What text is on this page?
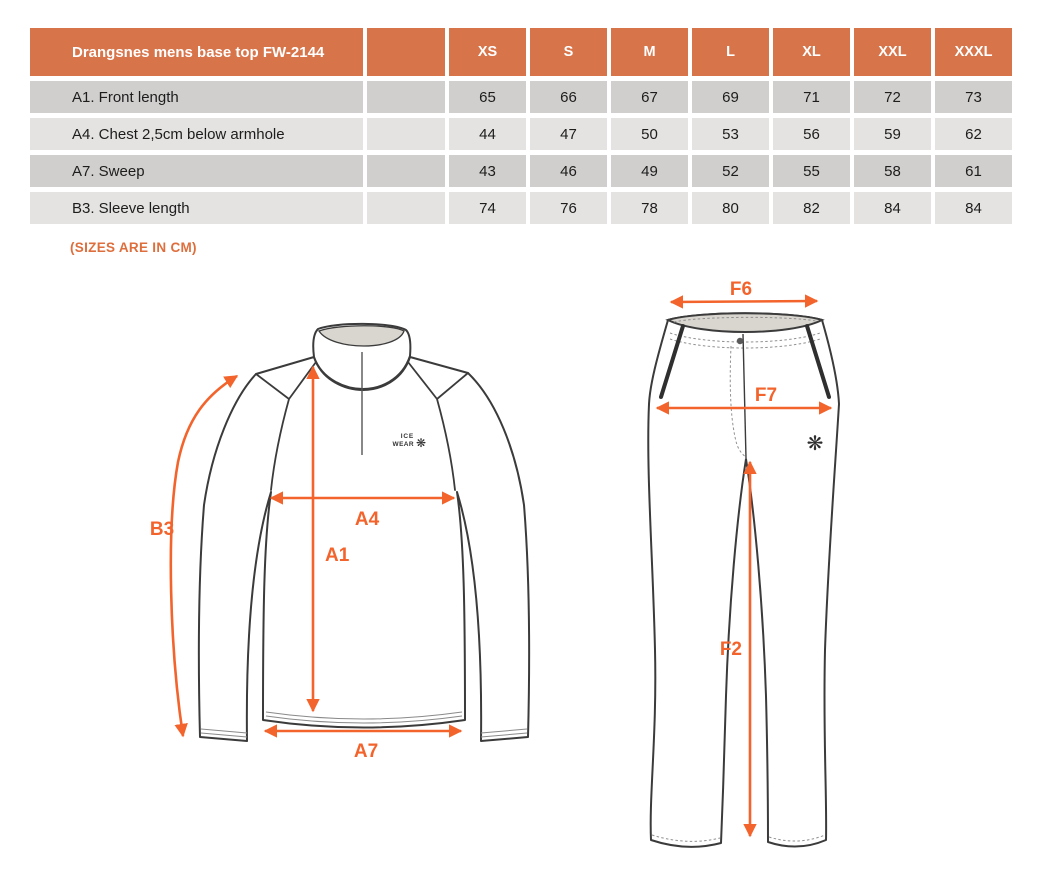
Drangsnes mens base top FW-2144	XS	S	M	L	XL	XXL	XXXL
A1. Front length	65	66	67	69	71	72	73
A4. Chest 2,5cm below armhole	44	47	50	53	56	59	62
A7. Sweep	43	46	49	52	55	58	61
B3. Sleeve length	74	76	78	80	82	84	84
(SIZES ARE IN CM)
ICE
WEAR ❋
B3
A1
A4
A7
❋
F6
F7
F2
